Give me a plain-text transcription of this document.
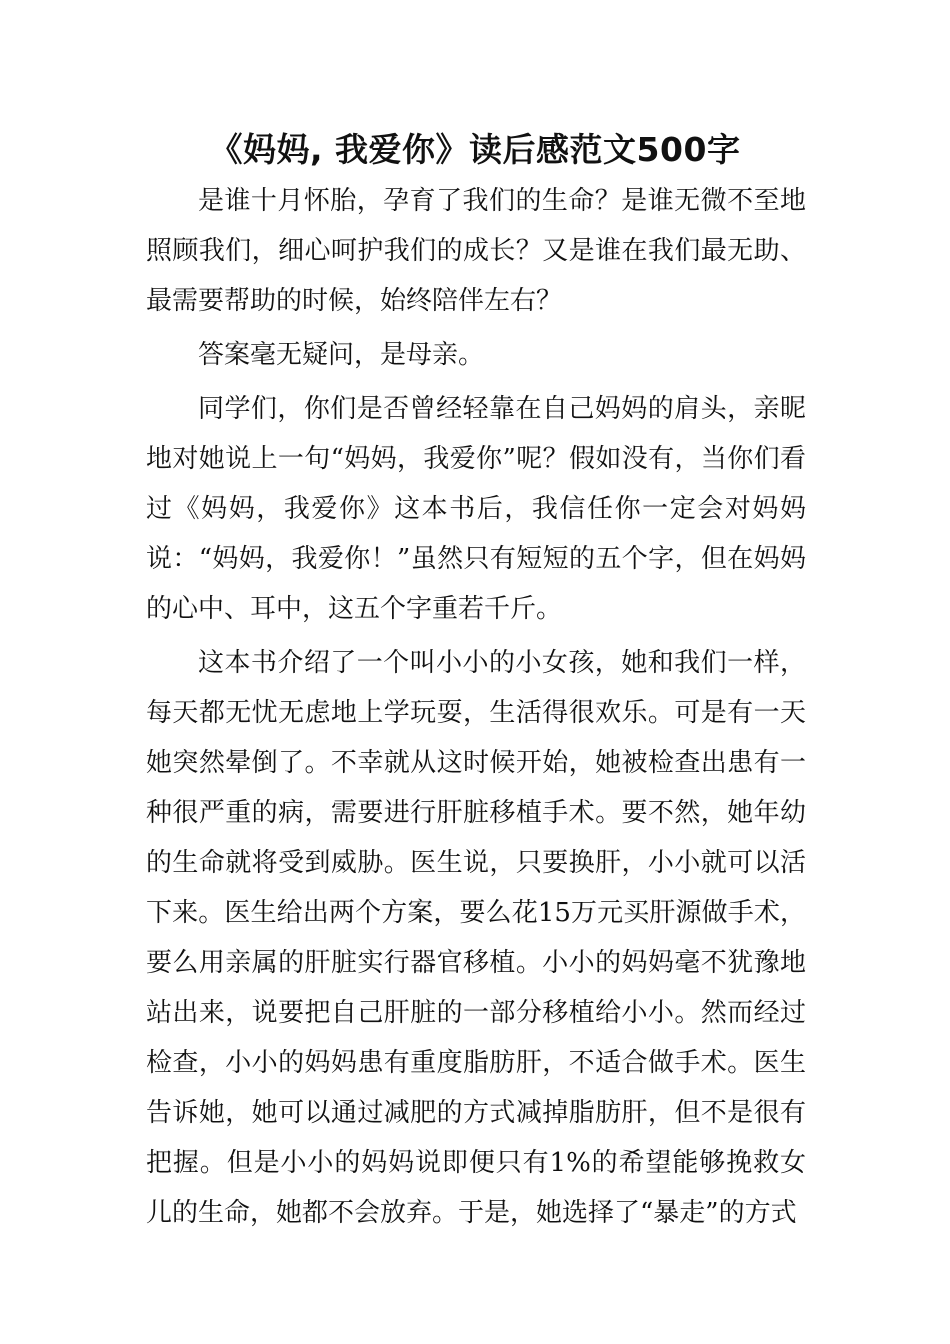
《妈妈, 我爱你》读后感范文500字

是谁十月怀胎，孕育了我们的生命？是谁无微不至地照顾我们，细心呵护我们的成长？又是谁在我们最无助、最需要帮助的时候，始终陪伴左右？

答案毫无疑问，是母亲。

同学们，你们是否曾经轻靠在自己妈妈的肩头，亲昵地对她说上一句“妈妈，我爱你”呢？假如没有，当你们看过《妈妈，我爱你》这本书后，我信任你一定会对妈妈说：“妈妈，我爱你！”虽然只有短短的五个字，但在妈妈的心中、耳中，这五个字重若千斤。

这本书介绍了一个叫小小的小女孩，她和我们一样，每天都无忧无虑地上学玩耍，生活得很欢乐。可是有一天她突然晕倒了。不幸就从这时候开始，她被检查出患有一种很严重的病，需要进行肝脏移植手术。要不然，她年幼的生命就将受到威胁。医生说，只要换肝，小小就可以活下来。医生给出两个方案，要么花15万元买肝源做手术，要么用亲属的肝脏实行器官移植。小小的妈妈毫不犹豫地站出来，说要把自己肝脏的一部分移植给小小。然而经过检查，小小的妈妈患有重度脂肪肝，不适合做手术。医生告诉她，她可以通过减肥的方式减掉脂肪肝，但不是很有把握。但是小小的妈妈说即便只有1%的希望能够挽救女儿的生命，她都不会放弃。于是，她选择了“暴走”的方式
